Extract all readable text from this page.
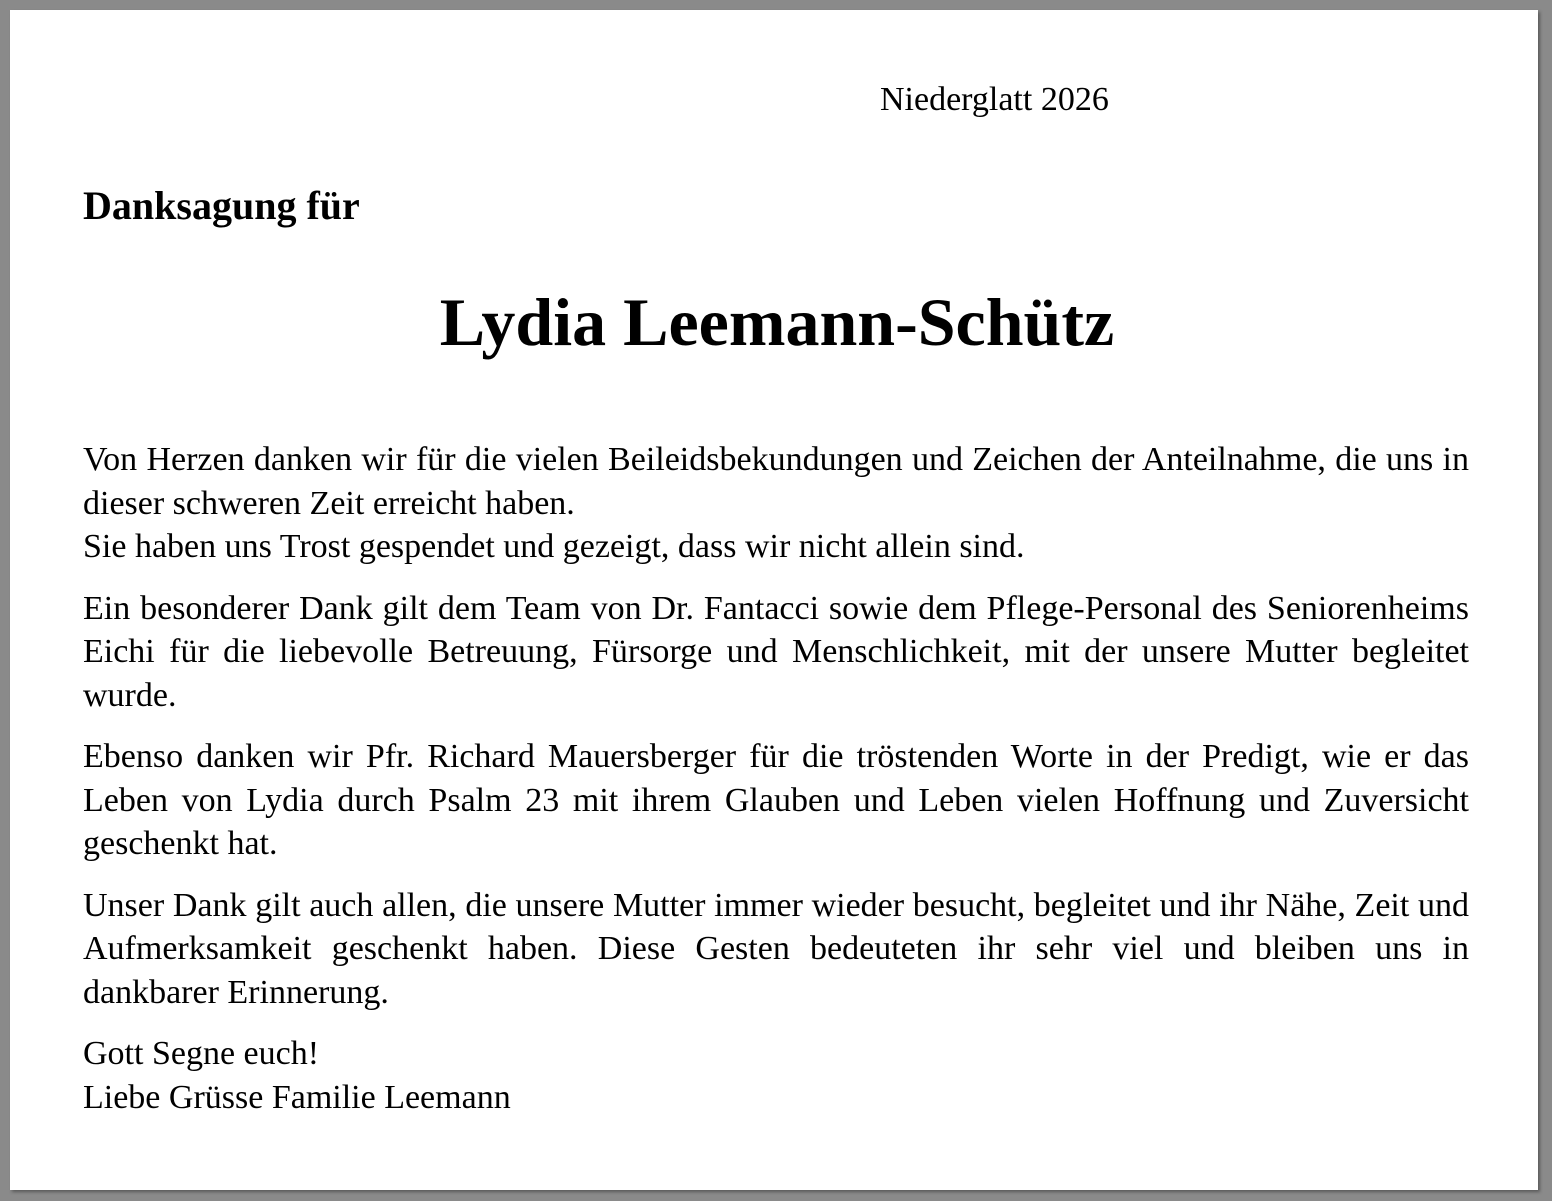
Niederglatt 2026
Danksagung für
Lydia Leemann-Schütz

Von Herzen danken wir für die vielen Beileidsbekundungen und Zeichen der Anteilnahme, die uns in dieser schweren Zeit erreicht haben.
Sie haben uns Trost gespendet und gezeigt, dass wir nicht allein sind.

Ein besonderer Dank gilt dem Team von Dr. Fantacci sowie dem Pflege-Personal des Seniorenheims Eichi für die liebevolle Betreuung, Fürsorge und Menschlichkeit, mit der unsere Mutter begleitet wurde.

Ebenso danken wir Pfr. Richard Mauersberger für die tröstenden Worte in der Predigt, wie er das Leben von Lydia durch Psalm 23 mit ihrem Glauben und Leben vielen Hoffnung und Zuversicht geschenkt hat.

Unser Dank gilt auch allen, die unsere Mutter immer wieder besucht, begleitet und ihr Nähe, Zeit und Aufmerksamkeit geschenkt haben. Diese Gesten bedeuteten ihr sehr viel und bleiben uns in dankbarer Erinnerung.

Gott Segne euch!
Liebe Grüsse Familie Leemann
